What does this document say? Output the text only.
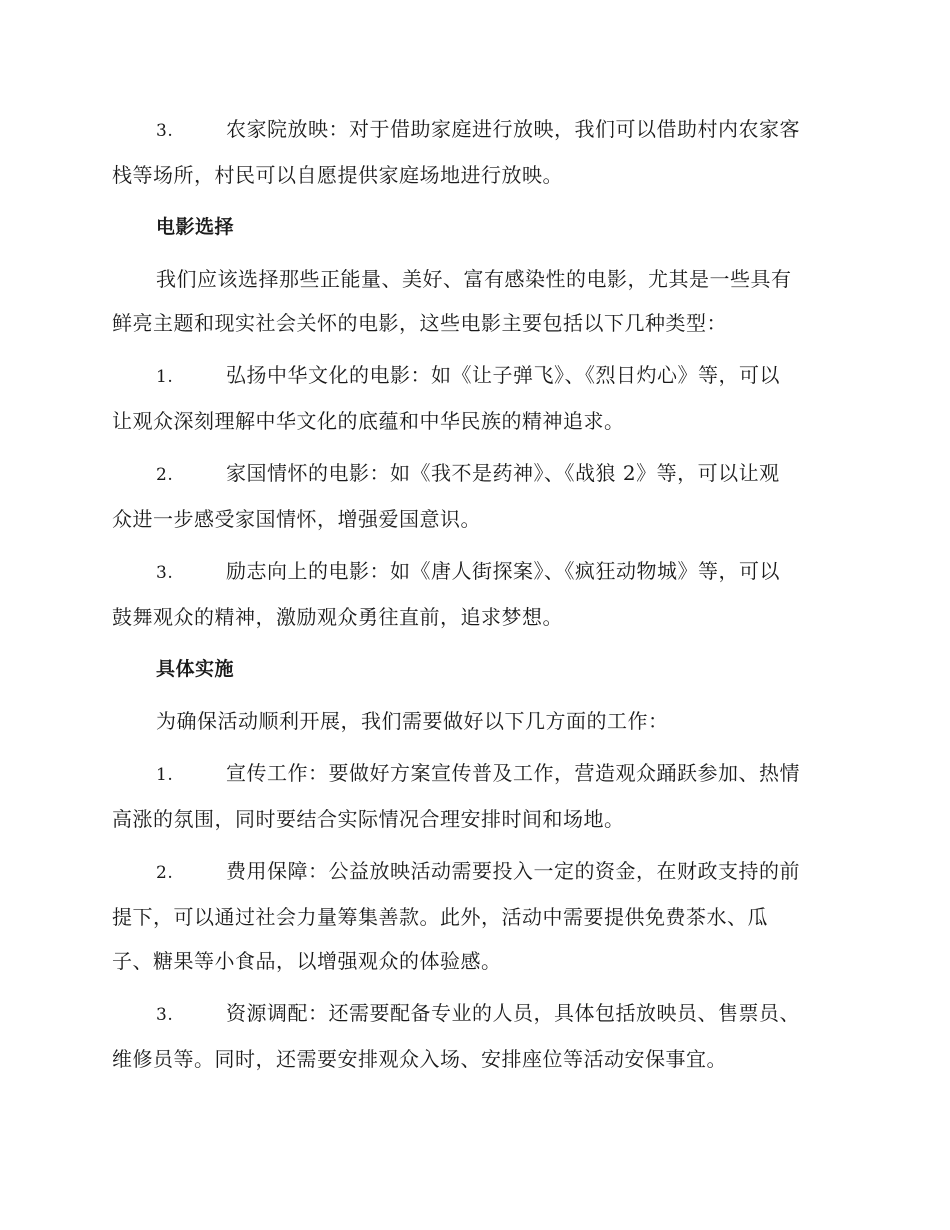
3.	农家院放映：对于借助家庭进行放映，我们可以借助村内农家客
栈等场所，村民可以自愿提供家庭场地进行放映。
电影选择
我们应该选择那些正能量、美好、富有感染性的电影，尤其是一些具有
鲜亮主题和现实社会关怀的电影，这些电影主要包括以下几种类型：
1.	弘扬中华文化的电影：如《让子弹飞》、《烈日灼心》等，可以
让观众深刻理解中华文化的底蕴和中华民族的精神追求。
2.	家国情怀的电影：如《我不是药神》、《战狼 2》等，可以让观
众进一步感受家国情怀，增强爱国意识。
3.	励志向上的电影：如《唐人街探案》、《疯狂动物城》等，可以
鼓舞观众的精神，激励观众勇往直前，追求梦想。
具体实施
为确保活动顺利开展，我们需要做好以下几方面的工作：
1.	宣传工作：要做好方案宣传普及工作，营造观众踊跃参加、热情
高涨的氛围，同时要结合实际情况合理安排时间和场地。
2.	费用保障：公益放映活动需要投入一定的资金，在财政支持的前
提下，可以通过社会力量筹集善款。此外，活动中需要提供免费茶水、瓜
子、糖果等小食品，以增强观众的体验感。
3.	资源调配：还需要配备专业的人员，具体包括放映员、售票员、
维修员等。同时，还需要安排观众入场、安排座位等活动安保事宜。
